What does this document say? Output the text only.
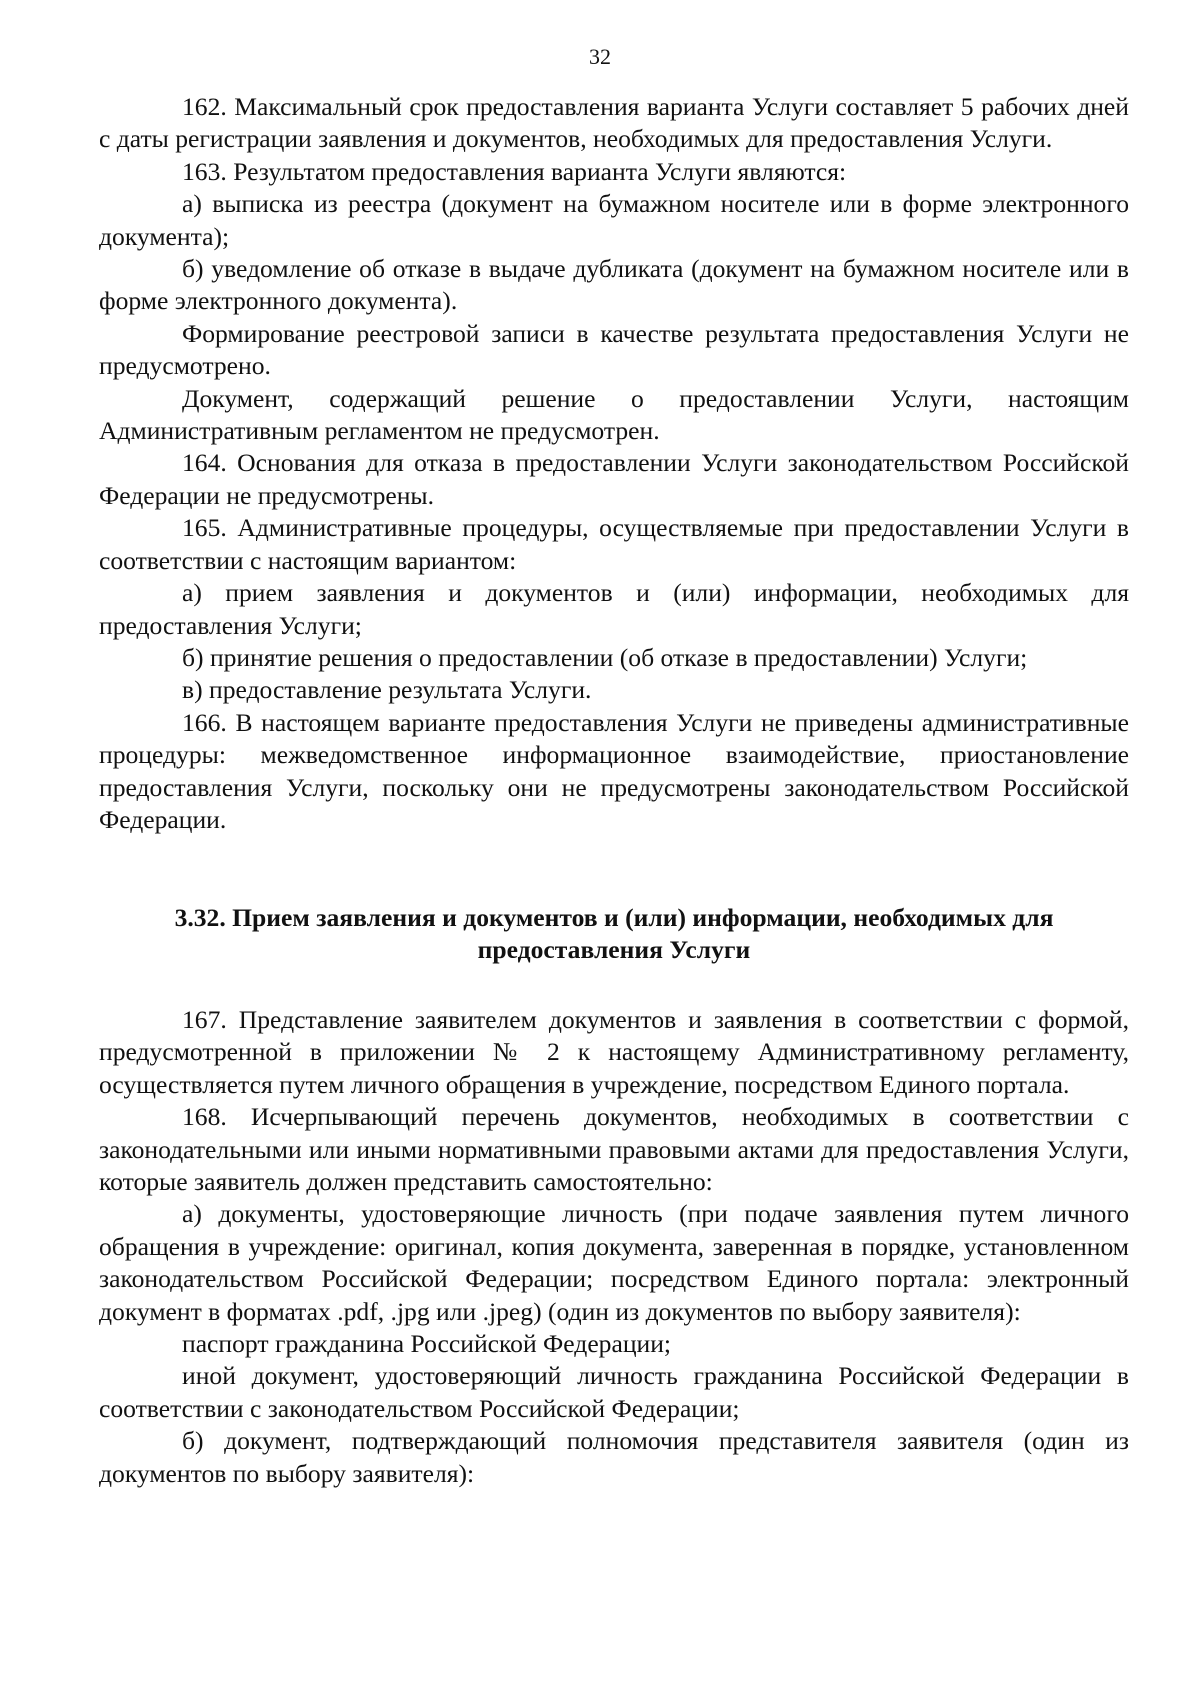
32

162. Максимальный срок предоставления варианта Услуги составляет 5 рабочих дней с даты регистрации заявления и документов, необходимых для предоставления Услуги.

163. Результатом предоставления варианта Услуги являются:

а) выписка из реестра (документ на бумажном носителе или в форме электронного документа);

б) уведомление об отказе в выдаче дубликата (документ на бумажном носителе или в форме электронного документа).

Формирование реестровой записи в качестве результата предоставления Услуги не предусмотрено.

Документ, содержащий решение о предоставлении Услуги, настоящим Административным регламентом не предусмотрен.

164. Основания для отказа в предоставлении Услуги законодательством Российской Федерации не предусмотрены.

165. Административные процедуры, осуществляемые при предоставлении Услуги в соответствии с настоящим вариантом:

а) прием заявления и документов и (или) информации, необходимых для предоставления Услуги;

б) принятие решения о предоставлении (об отказе в предоставлении) Услуги;

в) предоставление результата Услуги.

166. В настоящем варианте предоставления Услуги не приведены административные процедуры: межведомственное информационное взаимодействие, приостановление предоставления Услуги, поскольку они не предусмотрены законодательством Российской Федерации.

3.32. Прием заявления и документов и (или) информации, необходимых для
предоставления Услуги

167. Представление заявителем документов и заявления в соответствии с формой, предусмотренной в приложении № 2 к настоящему Административному регламенту, осуществляется путем личного обращения в учреждение, посредством Единого портала.

168. Исчерпывающий перечень документов, необходимых в соответствии с законодательными или иными нормативными правовыми актами для предоставления Услуги, которые заявитель должен представить самостоятельно:

а) документы, удостоверяющие личность (при подаче заявления путем личного обращения в учреждение: оригинал, копия документа, заверенная в порядке, установленном законодательством Российской Федерации; посредством Единого портала: электронный документ в форматах .pdf, .jpg или .jpeg) (один из документов по выбору заявителя):

паспорт гражданина Российской Федерации;

иной документ, удостоверяющий личность гражданина Российской Федерации в соответствии с законодательством Российской Федерации;

б) документ, подтверждающий полномочия представителя заявителя (один из документов по выбору заявителя):
